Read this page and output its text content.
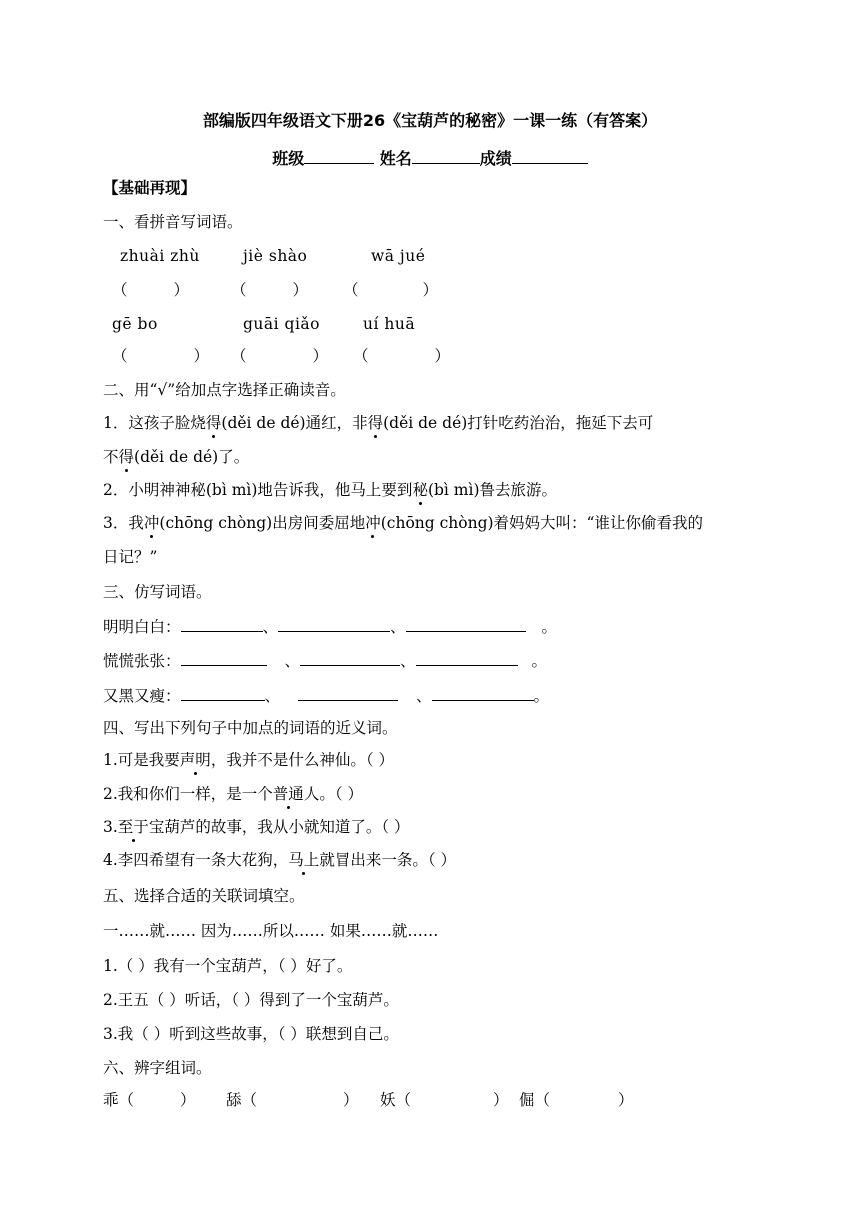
部编版四年级语文下册26《宝葫芦的秘密》一课一练（有答案）
班级	姓名	成绩
【基础再现】
一、看拼音写词语。
zhuài zhù	jiè shào	wā jué
（	）	（	） （	）
gē bo	guāi qiǎo	uí huā
（	） （	） （	）
二、用“√”给加点字选择正确读音。
1．这孩子脸烧得(děi de dé)通红，非得(děi de dé)打针吃药治治，拖延下去可
不得(děi de dé)了。
2．小明神神秘(bì mì)地告诉我，他马上要到秘(bì mì)鲁去旅游。
3．我冲(chōng chòng)出房间委屈地冲(chōng chòng)着妈妈大叫：“谁让你偷看我的
日记？”
三、仿写词语。
明明白白：	、	、	。
慌慌张张：	、	、	。
又黑又瘦：	、	、	。
四、写出下列句子中加点的词语的近义词。
1.可是我要声明，我并不是什么神仙。（ ）
2.我和你们一样，是一个普通人。（ ）
3.至于宝葫芦的故事，我从小就知道了。（ ）
4.李四希望有一条大花狗，马上就冒出来一条。（ ）
五、选择合适的关联词填空。
一……就…… 因为……所以…… 如果……就……
1.（ ）我有一个宝葫芦，（ ）好了。
2.王五（ ）听话，（ ）得到了一个宝葫芦。
3.我（ ）听到这些故事，（ ）联想到自己。
六、辨字组词。
乖（	） 舔（	） 妖（	） 倔（	）
